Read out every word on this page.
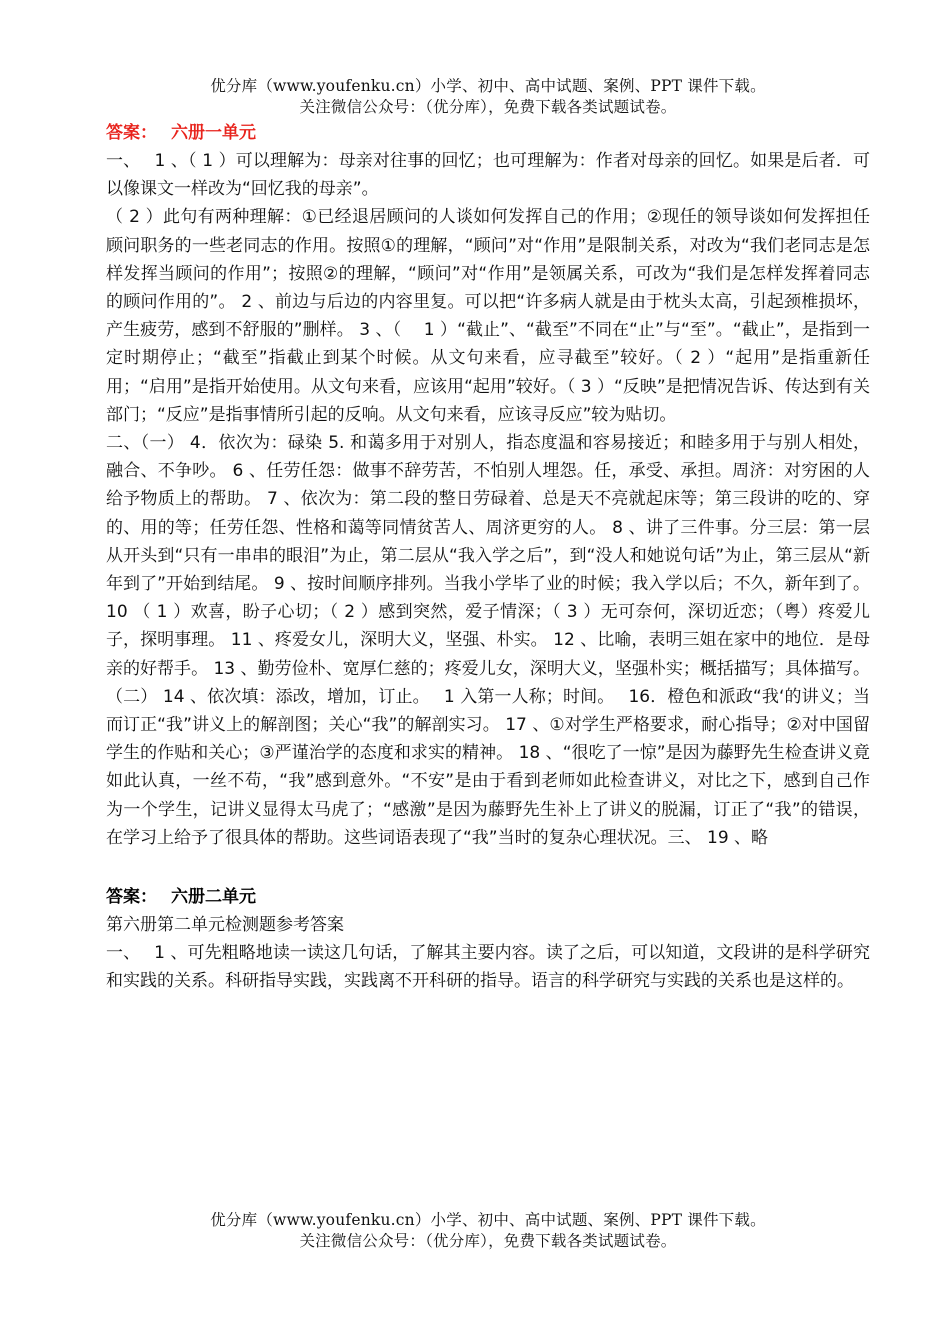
优分库（www.youfenku.cn）小学、初中、高中试题、案例、PPT 课件下载。
关注微信公众号：（优分库），免费下载各类试题试卷。
答案： 六册一单元

一、　 1 、（ 1 ）可以理解为：母亲对往事的回忆；也可理解为：作者对母亲的回忆。如果是后者．可以像课文一样改为“回忆我的母亲”。

（ 2 ）此句有两种理解：①已经退居顾问的人谈如何发挥自己的作用；②现任的领导谈如何发挥担任顾问职务的一些老同志的作用。按照①的理解，“顾问”对“作用”是限制关系，对改为“我们老同志是怎样发挥当顾问的作用”；按照②的理解，“顾问”对“作用”是领属关系，可改为“我们是怎样发挥着同志的顾问作用的”。 2 、前边与后边的内容里复。可以把“许多病人就是由于枕头太高，引起颈椎损坏，产生疲劳，感到不舒服的”删样。 3 、（　 1 ）“截止”、“截至”不同在“止”与“至”。“截止”，是指到一定时期停止；“截至”指截止到某个时候。从文句来看，应寻截至”较好。（ 2 ）“起用”是指重新任用；“启用”是指开始使用。从文句来看，应该用“起用”较好。（ 3 ）“反映”是把情况告诉、传达到有关部门；“反应”是指事情所引起的反响。从文句来看，应该寻反应”较为贴切。

二、（一） 4．依次为：碌染 5. 和蔼多用于对别人，指态度温和容易接近；和睦多用于与别人相处，融合、不争吵。 6 、任劳任怨：做事不辞劳苦，不怕别人埋怨。任，承受、承担。周济：对穷困的人给予物质上的帮助。 7 、依次为：第二段的整日劳碌着、总是天不亮就起床等；第三段讲的吃的、穿的、用的等；任劳任怨、性格和蔼等同情贫苦人、周济更穷的人。 8 、讲了三件事。分三层：第一层从开头到“只有一串串的眼泪”为止，第二层从“我入学之后”，到“没人和她说句话”为止，第三层从“新年到了”开始到结尾。 9 、按时间顺序排列。当我小学毕了业的时候；我入学以后；不久，新年到了。 10 （ 1 ）欢喜，盼子心切；（ 2 ）感到突然，爱子情深；（ 3 ）无可奈何，深切近恋；（粤）疼爱儿子，探明事理。 11 、疼爱女儿，深明大义，坚强、朴实。 12 、比喻，表明三姐在家中的地位．是母亲的好帮手。 13 、勤劳俭朴、宽厚仁慈的；疼爱儿女，深明大义，坚强朴实；概括描写；具体描写。（二） 14 、依次填：添改，增加，订止。　 1 入第一人称；时间。　 16．橙色和派政“我‘的讲义；当而订正“我”讲义上的解剖图；关心“我”的解剖实习。 17 、①对学生严格要求，耐心指导；②对中国留学生的作贴和关心；③严谨治学的态度和求实的精神。 18 、“很吃了一惊”是因为藤野先生检查讲义竟如此认真，一丝不苟，“我”感到意外。“不安”是由于看到老师如此检查讲义，对比之下，感到自己作为一个学生，记讲义显得太马虎了；“感激”是因为藤野先生补上了讲义的脱漏，订正了“我”的错误，在学习上给予了很具体的帮助。这些词语表现了“我”当时的复杂心理状况。三、 19 、略

答案： 六册二单元

第六册第二单元检测题参考答案

一、　 1 、可先粗略地读一读这几句话，了解其主要内容。读了之后，可以知道，文段讲的是科学研究和实践的关系。科研指导实践，实践离不开科研的指导。语言的科学研究与实践的关系也是这样的。

优分库（www.youfenku.cn）小学、初中、高中试题、案例、PPT 课件下载。
关注微信公众号：（优分库），免费下载各类试题试卷。
